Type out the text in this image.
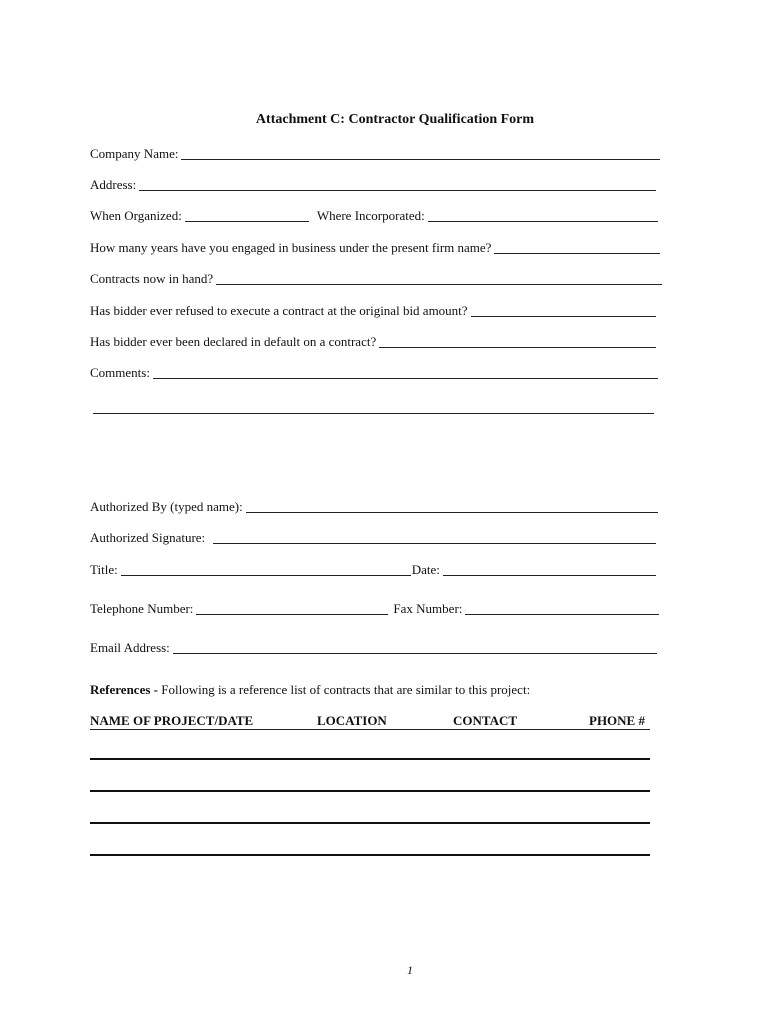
Attachment C: Contractor Qualification Form
Company Name:
Address:
When Organized:	Where Incorporated:
How many years have you engaged in business under the present firm name?
Contracts now in hand?
Has bidder ever refused to execute a contract at the original bid amount?
Has bidder ever been declared in default on a contract?
Comments:
Authorized By (typed name):
Authorized Signature:
Title:	Date:
Telephone Number:	Fax Number:
Email Address:
References - Following is a reference list of contracts that are similar to this project:
NAME OF PROJECT/DATE	LOCATION	CONTACT	PHONE #
1
